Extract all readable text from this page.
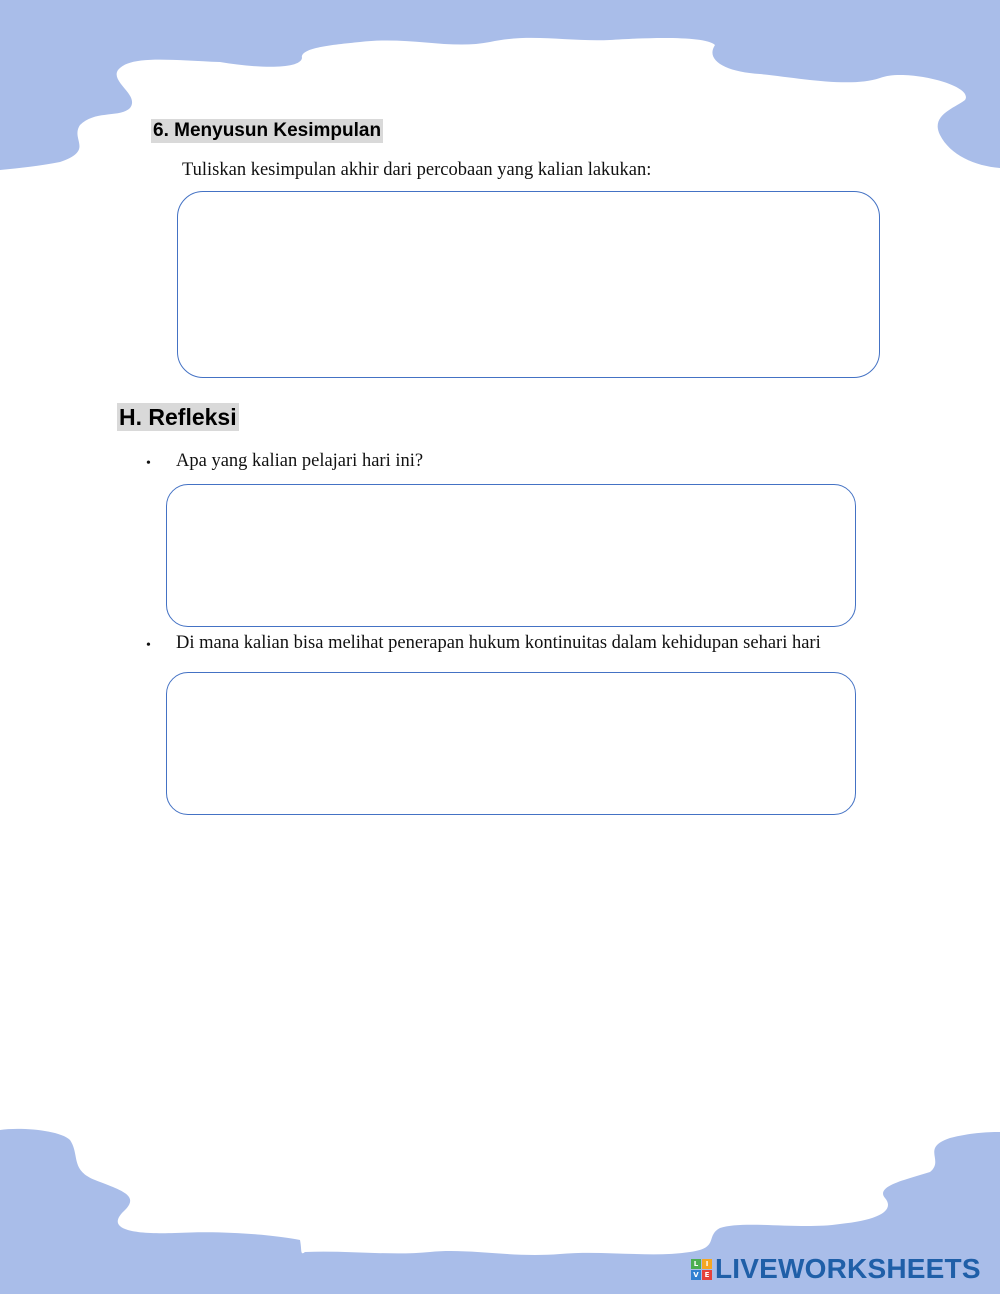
6. Menyusun Kesimpulan
Tuliskan kesimpulan akhir dari percobaan yang kalian lakukan:
H. Refleksi
• Apa yang kalian pelajari hari ini?
• Di mana kalian bisa melihat penerapan hukum kontinuitas dalam kehidupan sehari hari
L	I
V E LIVEWORKSHEETS
